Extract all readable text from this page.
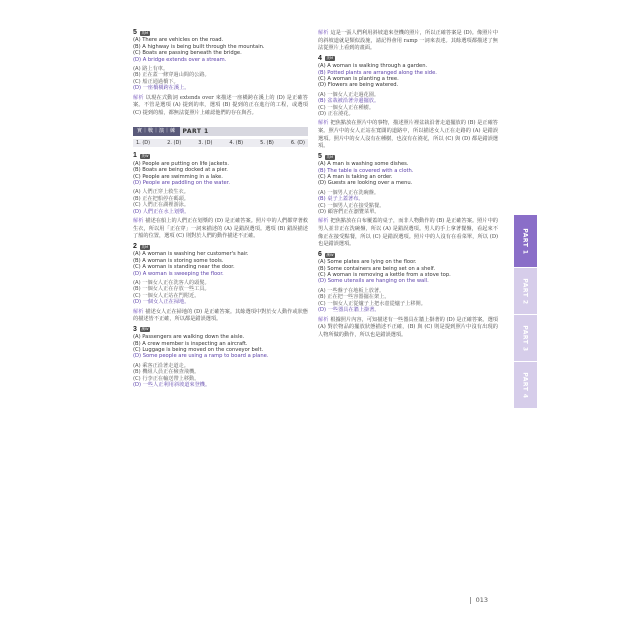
5	英M
(A) There are vehicles on the road.
(B) A highway is being built through the mountain.
(C) Boats are passing beneath the bridge.
(D) A bridge extends over a stream.
(A) 路上有車。
(B) 正在蓋一條穿過山間的公路。
(C) 船正通過橋下。
(D) 一座橋橫跨在溪上。
解析 以現在式動詞 extends over 來描述一座橫跨在溪上的 (D) 是正確答案。不管是選項 (A) 提到的車，選項 (B) 提到的正在進行的工程，或選項 (C) 提到的船，都無法從照片上確認他們的存在與否。
實｜戰｜演｜練	PART 1
1. (D)	2. (D)	3. (D)	4. (B)	5. (B)	6. (D)
1	美W
(A) People are putting on life jackets.
(B) Boats are being docked at a pier.
(C) People are swimming in a lake.
(D) People are paddling on the water.
(A) 人們正穿上救生衣。
(B) 正在把船停在碼頭。
(C) 人們正在湖裡游泳。
(D) 人們正在水上划槳。
解析 描述在船上的人們正在划槳的 (D) 是正確答案。照片中的人們都穿著救生衣，所以用「正在穿」一詞來描述的 (A) 是錯誤選項。選項 (B) 錯誤描述了船的位置，選項 (C) 則對於人們的動作描述不正確。
2	英M
(A) A woman is washing her customer's hair.
(B) A woman is storing some tools.
(C) A woman is standing near the door.
(D) A woman is sweeping the floor.
(A) 一個女人正在洗客人的頭髮。
(B) 一個女人正在存放一些工具。
(C) 一個女人正站在門附近。
(D) 一個女人正在掃地。
解析 描述女人正在掃地的 (D) 是正確答案。其餘選項中對於女人動作或狀態的描述皆不正確，所以都是錯誤選項。
3	澳W
(A) Passengers are walking down the aisle.
(B) A crew member is inspecting an aircraft.
(C) Luggage is being moved on the conveyor belt.
(D) Some people are using a ramp to board a plane.
(A) 乘客正沿著走道走。
(B) 機組人員正在檢查飛機。
(C) 行李正在輸送帶上移動。
(D) 一些人正利用斜坡道來登機。
解析 這是一張人們利用斜坡道來登機的照片，所以正確答案是 (D)。像照片中的斜坡道就是類似設施，請記得會用 ramp 一詞來表達。其餘選項都描述了無法從照片上看到的畫面。
4	美M
(A) A woman is walking through a garden.
(B) Potted plants are arranged along the side.
(C) A woman is planting a tree.
(D) Flowers are being watered.
(A) 一個女人正走過花園。
(B) 盆栽被沿著旁邊擺放。
(C) 一個女人正在種樹。
(D) 正在澆花。
解析 把焦點放在照片中的事物，描述照片裡盆栽沿著走道擺放的 (B) 是正確答案。照片中的女人正站在寬闊的道路中，所以描述女人正在走路的 (A) 是錯誤選項。照片中的女人沒有在種樹，也沒有在澆花，所以 (C) 與 (D) 都是錯誤選項。
5	英M
(A) A man is washing some dishes.
(B) The table is covered with a cloth.
(C) A man is taking an order.
(D) Guests are looking over a menu.
(A) 一個男人正在洗碗盤。
(B) 桌子上蓋著布。
(C) 一個男人正在接受點餐。
(D) 顧客們正在瀏覽菜單。
解析 把焦點放在白布覆蓋的桌子，而非人物動作的 (B) 是正確答案。照片中的男人並非正在洗碗盤，所以 (A) 是錯誤選項。男人的手上拿著餐盤，看起來不像正在接受點餐，所以 (C) 是錯誤選項。照片中的人沒有在看菜單，所以 (D) 也是錯誤選項。
6	澳W
(A) Some plates are lying on the floor.
(B) Some containers are being set on a shelf.
(C) A woman is removing a kettle from a stove top.
(D) Some utensils are hanging on the wall.
(A) 一些盤子在地板上放著。
(B) 正在把一些容器擺在架上。
(C) 一個女人正從爐子上把水壺從爐子上移開。
(D) 一些器具在牆上掛著。
解析 根據照片內容，可知描述有一些器具在牆上掛著的 (D) 是正確答案。選項 (A) 對於物品的擺放狀態描述不正確，(B) 與 (C) 則是提到照片中沒有出現的人物所做的動作，所以也是錯誤選項。
PART 1
PART 2
PART 3
PART 4
013
